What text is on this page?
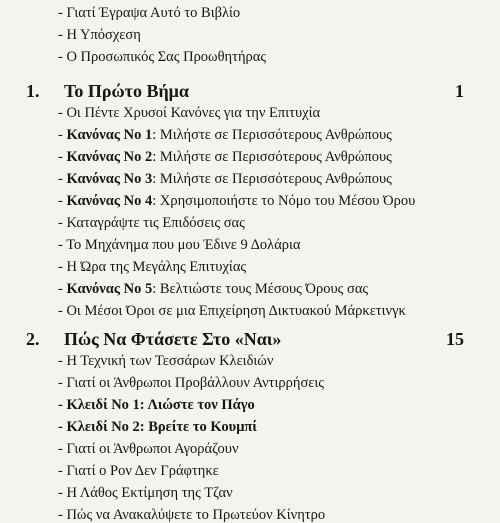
- Γιατί Έγραψα Αυτό το Βιβλίο
- Η Υπόσχεση
- Ο Προσωπικός Σας Προωθητήρας
1. Το Πρώτο Βήμα	1
- Οι Πέντε Χρυσοί Κανόνες για την Επιτυχία
- Κανόνας Νο 1: Μιλήστε σε Περισσότερους Ανθρώπους
- Κανόνας Νο 2: Μιλήστε σε Περισσότερους Ανθρώπους
- Κανόνας Νο 3: Μιλήστε σε Περισσότερους Ανθρώπους
- Κανόνας Νο 4: Χρησιμοποιήστε το Νόμο του Μέσου Όρου
- Καταγράψτε τις Επιδόσεις σας
- Το Μηχάνημα που μου Έδινε 9 Δολάρια
- Η Ώρα της Μεγάλης Επιτυχίας
- Κανόνας Νο 5: Βελτιώστε τους Μέσους Όρους σας
- Οι Μέσοι Όροι σε μια Επιχείρηση Δικτυακού Μάρκετινγκ
2. Πώς Να Φτάσετε Στο «Ναι»	15
- Η Τεχνική των Τεσσάρων Κλειδιών
- Γιατί οι Άνθρωποι Προβάλλουν Αντιρρήσεις
- Κλειδί Νο 1: Λιώστε τον Πάγο
- Κλειδί Νο 2: Βρείτε το Κουμπί
- Γιατί οι Άνθρωποι Αγοράζουν
- Γιατί ο Ρον Δεν Γράφτηκε
- Η Λάθος Εκτίμηση της Τζαν
- Πώς να Ανακαλύψετε το Πρωτεύον Κίνητρο
